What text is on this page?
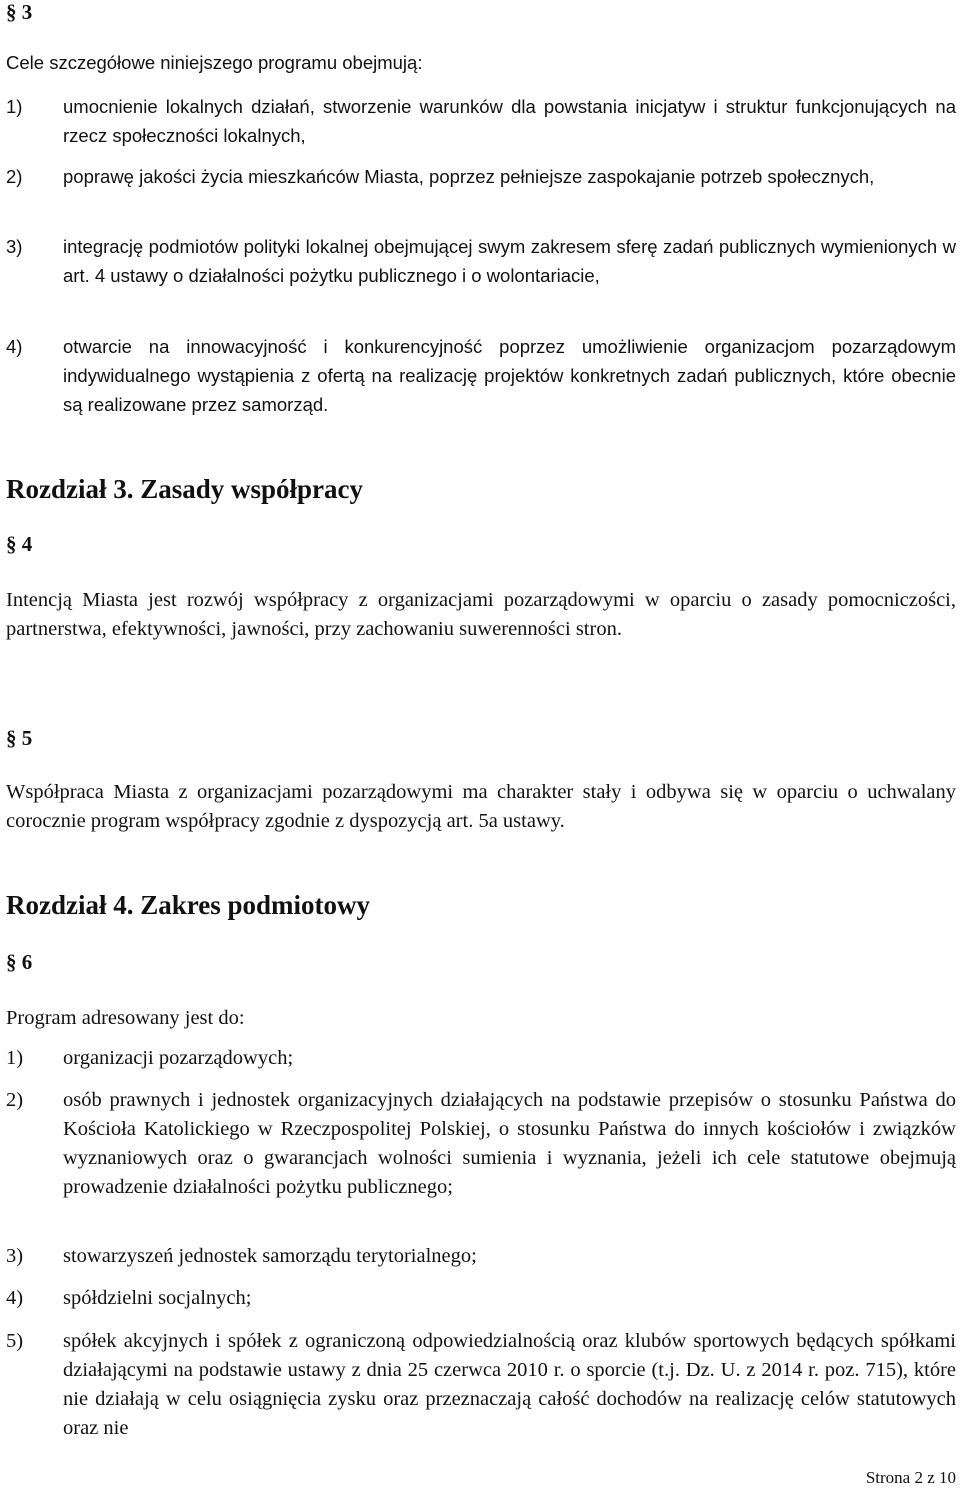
§ 3

Cele szczegółowe niniejszego programu obejmują:

1)	umocnienie lokalnych działań, stworzenie warunków dla powstania inicjatyw i struktur funkcjonujących na rzecz społeczności lokalnych,
2)	poprawę jakości życia mieszkańców Miasta, poprzez pełniejsze zaspokajanie potrzeb społecznych,
3)	integrację podmiotów polityki lokalnej obejmującej swym zakresem sferę zadań publicznych wymienionych w art. 4 ustawy o działalności pożytku publicznego i o wolontariacie,
4)	otwarcie na innowacyjność i konkurencyjność poprzez umożliwienie organizacjom pozarządowym indywidualnego wystąpienia z ofertą na realizację projektów konkretnych zadań publicznych, które obecnie są realizowane przez samorząd.
Rozdział 3. Zasady współpracy
§ 4

Intencją Miasta jest rozwój współpracy z organizacjami pozarządowymi w oparciu o zasady pomocniczości, partnerstwa, efektywności, jawności, przy zachowaniu suwerenności stron.

§ 5

Współpraca Miasta z organizacjami pozarządowymi ma charakter stały i odbywa się w oparciu o uchwalany corocznie program współpracy zgodnie z dyspozycją art. 5a ustawy.

Rozdział 4. Zakres podmiotowy
§ 6

Program adresowany jest do:

1)	organizacji pozarządowych;
2)	osób prawnych i jednostek organizacyjnych działających na podstawie przepisów o stosunku Państwa do Kościoła Katolickiego w Rzeczpospolitej Polskiej, o stosunku Państwa do innych kościołów i związków wyznaniowych oraz o gwarancjach wolności sumienia i wyznania, jeżeli ich cele statutowe obejmują prowadzenie działalności pożytku publicznego;
3)	stowarzyszeń jednostek samorządu terytorialnego;
4)	spółdzielni socjalnych;
5)	spółek akcyjnych i spółek z ograniczoną odpowiedzialnością oraz klubów sportowych będących spółkami działającymi na podstawie ustawy z dnia 25 czerwca 2010 r. o sporcie (t.j. Dz. U. z 2014 r. poz. 715), które nie działają w celu osiągnięcia zysku oraz przeznaczają całość dochodów na realizację celów statutowych oraz nie
Strona 2 z 10
